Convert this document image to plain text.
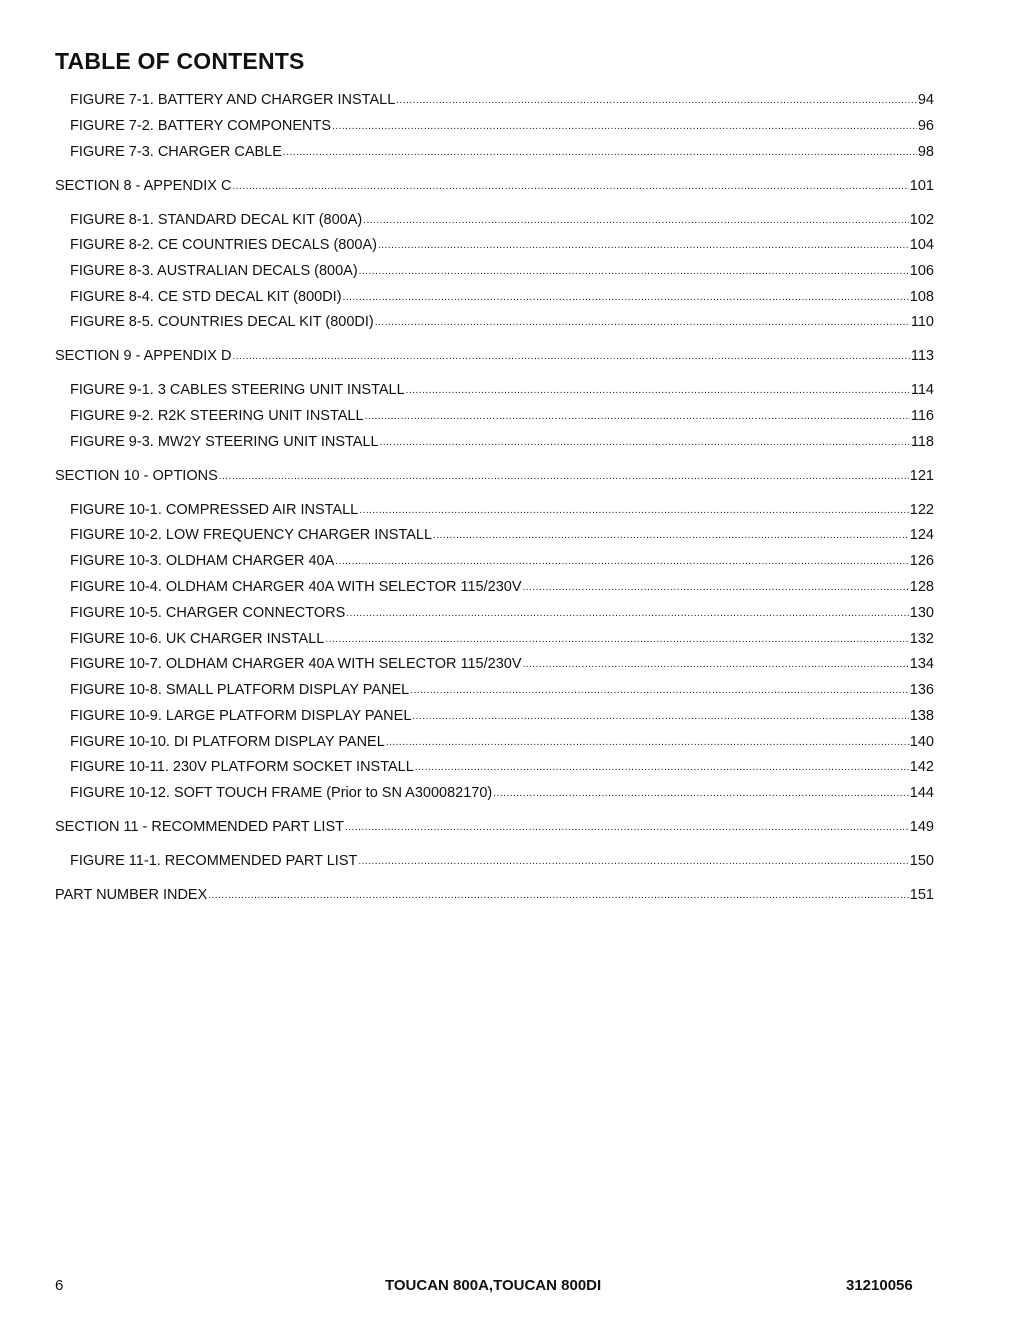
TABLE OF CONTENTS
FIGURE 7-1. BATTERY AND CHARGER INSTALL .....	94
FIGURE 7-2. BATTERY COMPONENTS .....	96
FIGURE 7-3. CHARGER CABLE .....	98
SECTION 8 - APPENDIX C .....	101
FIGURE 8-1. STANDARD DECAL KIT (800A) .....	102
FIGURE 8-2. CE COUNTRIES DECALS (800A) .....	104
FIGURE 8-3. AUSTRALIAN DECALS (800A) .....	106
FIGURE 8-4. CE STD DECAL KIT (800DI) .....	108
FIGURE 8-5. COUNTRIES DECAL KIT (800DI) .....	110
SECTION 9 - APPENDIX D .....	113
FIGURE 9-1. 3 CABLES STEERING UNIT INSTALL .....	114
FIGURE 9-2. R2K STEERING UNIT INSTALL .....	116
FIGURE 9-3. MW2Y STEERING UNIT INSTALL .....	118
SECTION 10 - OPTIONS .....	121
FIGURE 10-1. COMPRESSED AIR INSTALL .....	122
FIGURE 10-2. LOW FREQUENCY CHARGER INSTALL .....	124
FIGURE 10-3. OLDHAM CHARGER 40A .....	126
FIGURE 10-4. OLDHAM CHARGER 40A WITH SELECTOR 115/230V .....	128
FIGURE 10-5. CHARGER CONNECTORS .....	130
FIGURE 10-6. UK CHARGER INSTALL .....	132
FIGURE 10-7. OLDHAM CHARGER 40A WITH SELECTOR 115/230V .....	134
FIGURE 10-8. SMALL PLATFORM DISPLAY PANEL .....	136
FIGURE 10-9. LARGE PLATFORM DISPLAY PANEL .....	138
FIGURE 10-10. DI PLATFORM DISPLAY PANEL .....	140
FIGURE 10-11. 230V PLATFORM SOCKET INSTALL .....	142
FIGURE 10-12. SOFT TOUCH FRAME (Prior to SN A300082170) .....	144
SECTION 11 - RECOMMENDED PART LIST .....	149
FIGURE 11-1. RECOMMENDED PART LIST .....	150
PART NUMBER INDEX .....	151
6	TOUCAN 800A,TOUCAN 800DI	31210056
